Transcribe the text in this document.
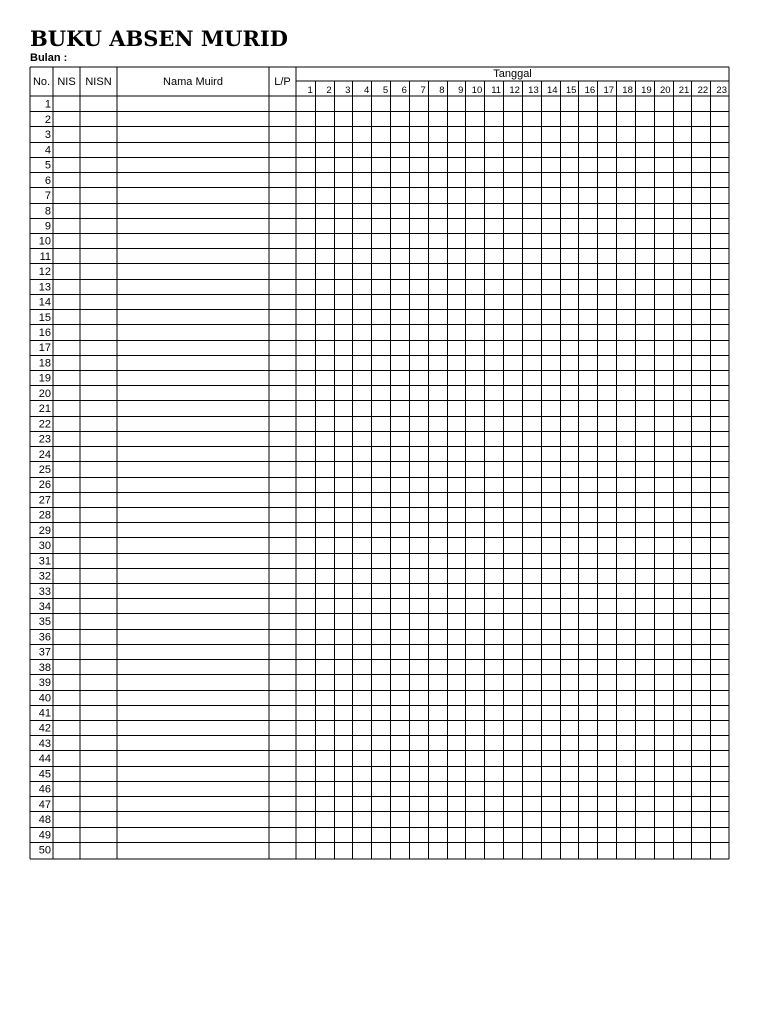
BUKU ABSEN MURID
Bulan :
No. NIS NISN	Nama Muird	L/P
Tanggal
1 2 3 4 5 6 7 8 9 10 11 12 13 14 15 16 17 18 19 20 21 22 23
1
2
3
4
5
6
7
8
9
10
11
12
13
14
15
16
17
18
19
20
21
22
23
24
25
26
27
28
29
30
31
32
33
34
35
36
37
38
39
40
41
42
43
44
45
46
47
48
49
50
